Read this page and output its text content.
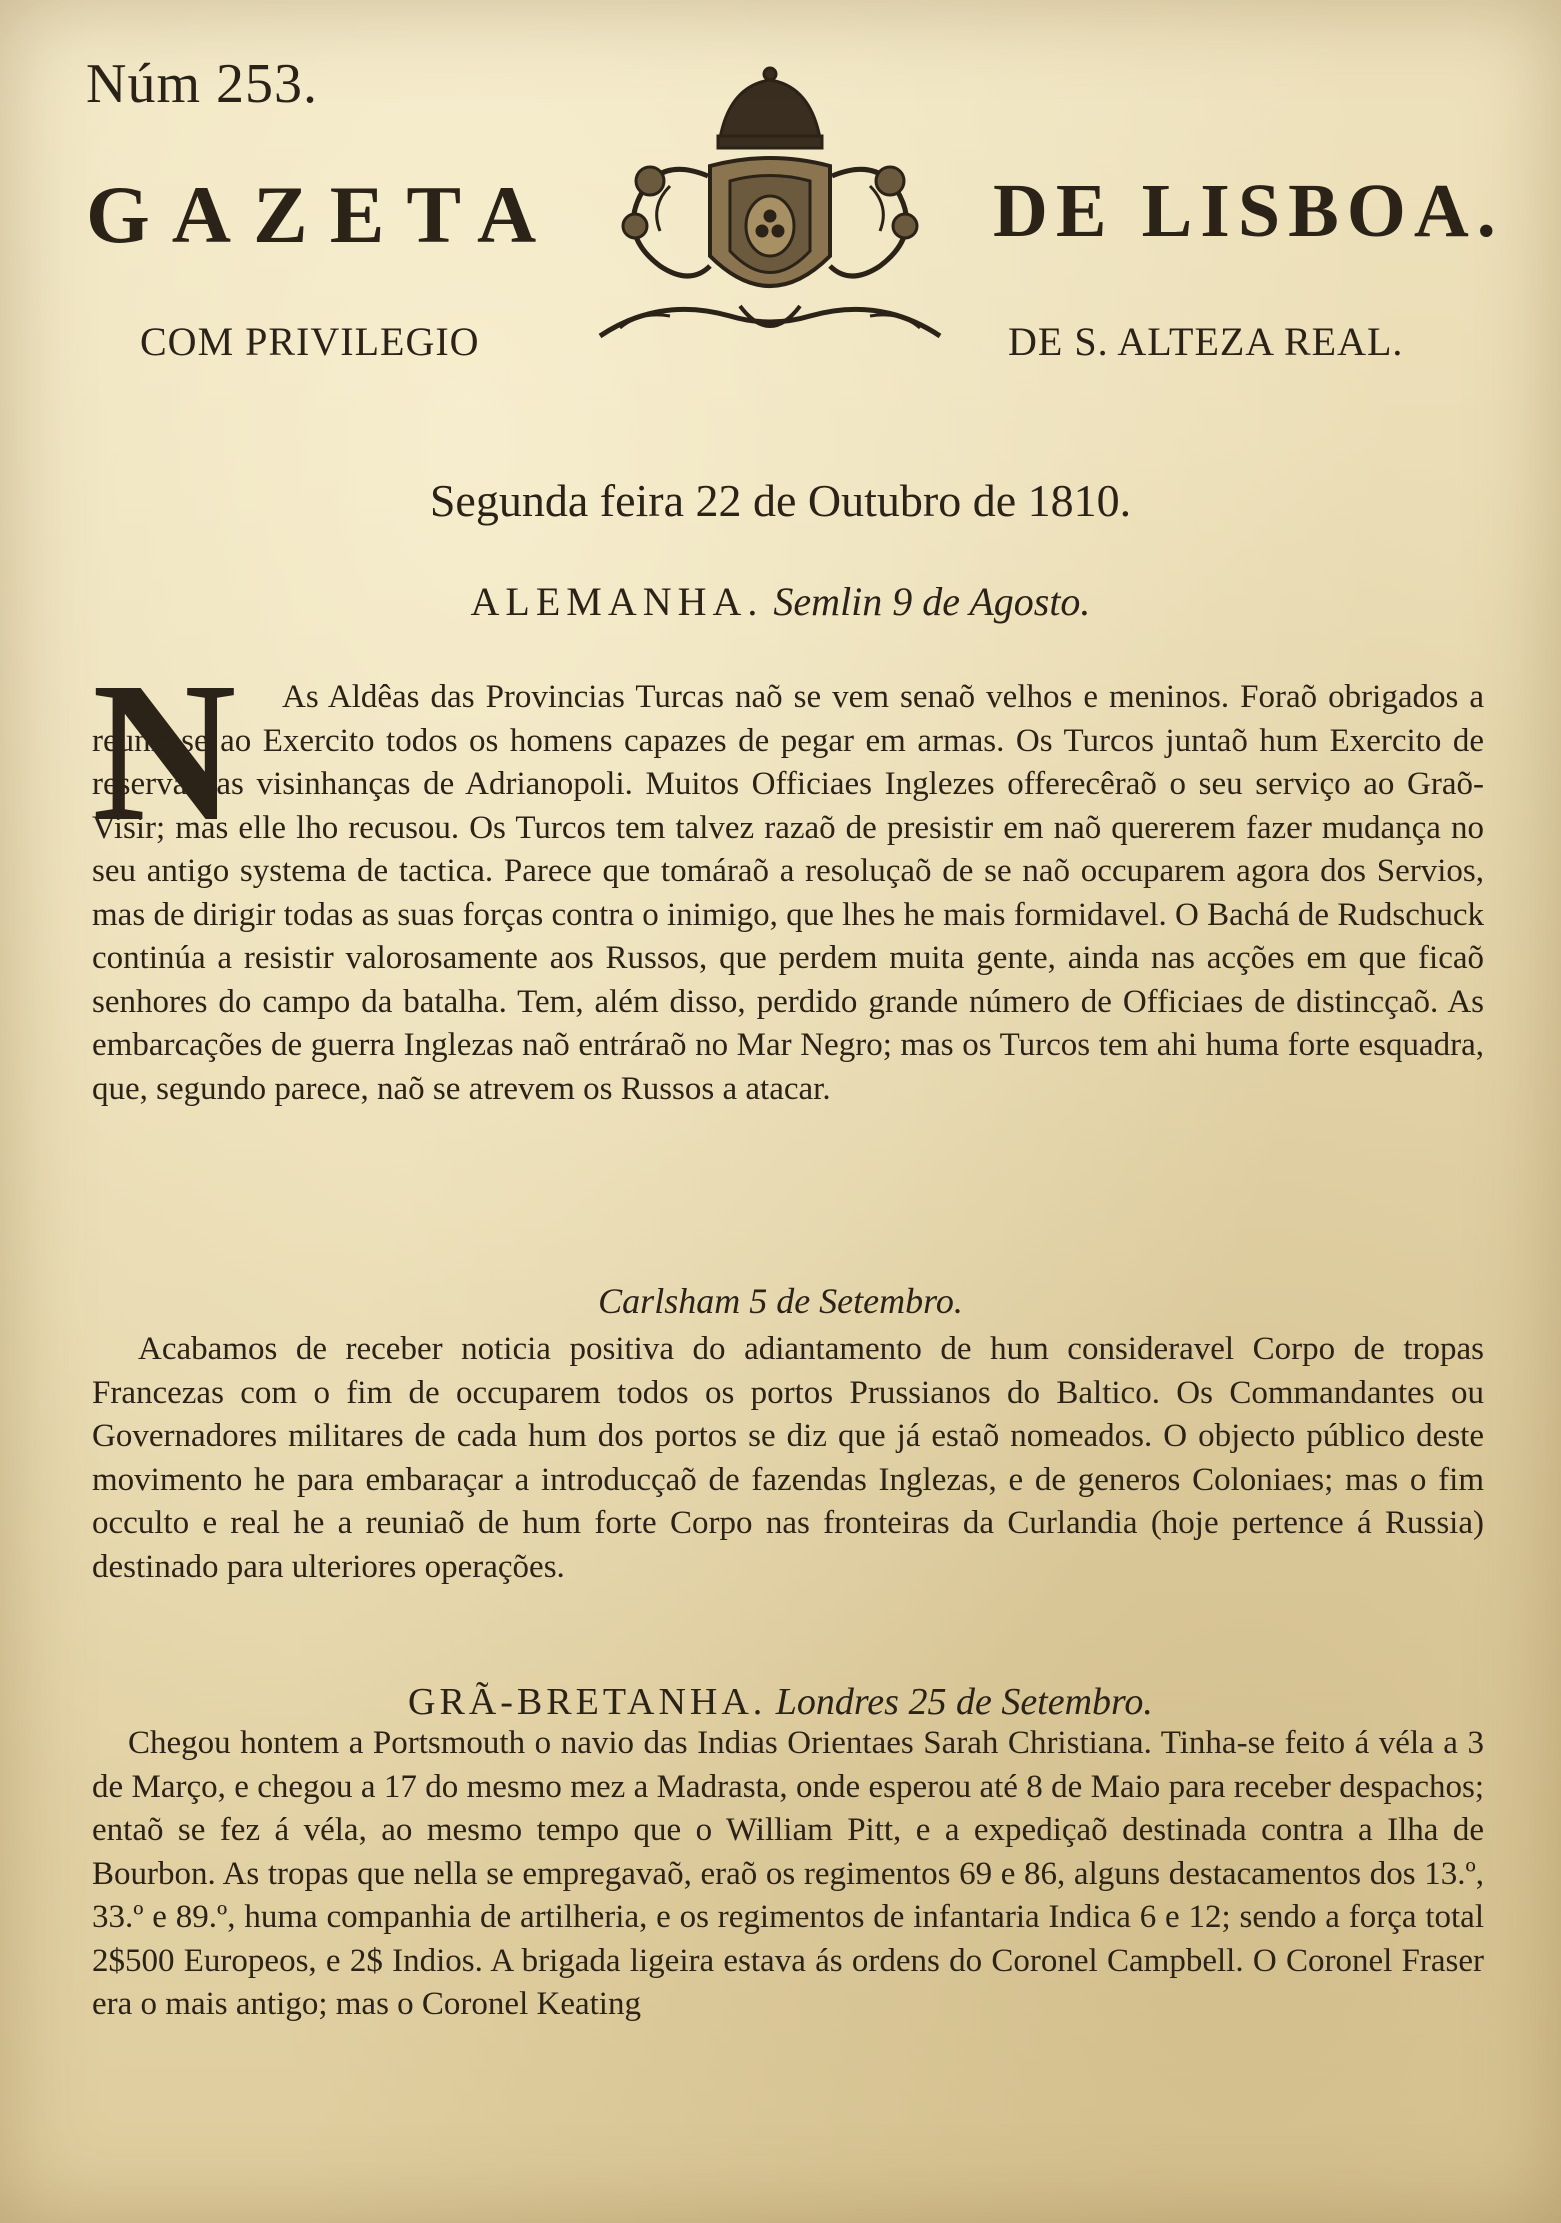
Núm 253.
GAZETA	DE LISBOA.
COM PRIVILEGIO	DE S. ALTEZA REAL.
Segunda feira 22 de Outubro de 1810.
ALEMANHA. Semlin 9 de Agosto.
N	As Aldêas das Provincias Turcas naõ se vem senaõ velhos e meninos. Foraõ obrigados a reunir-se ao Exercito todos os homens capazes de pegar em armas. Os Turcos juntaõ hum Exercito de reserva nas visinhanças de Adrianopoli. Muitos Officiaes Inglezes offerecêraõ o seu serviço ao Graõ-Visir; mas elle lho recusou. Os Turcos tem talvez razaõ de presistir em naõ quererem fazer mudança no seu antigo systema de tactica. Parece que tomáraõ a resoluçaõ de se naõ occuparem agora dos Servios, mas de dirigir todas as suas forças contra o inimigo, que lhes he mais formidavel. O Bachá de Rudschuck continúa a resistir valorosamente aos Russos, que perdem muita gente, ainda nas acções em que ficaõ senhores do campo da batalha. Tem, além disso, perdido grande número de Officiaes de distincçaõ. As embarcações de guerra Inglezas naõ entráraõ no Mar Negro; mas os Turcos tem ahi huma forte esquadra, que, segundo parece, naõ se atrevem os Russos a atacar.
Carlsham 5 de Setembro.
Acabamos de receber noticia positiva do adiantamento de hum consideravel Corpo de tropas Francezas com o fim de occuparem todos os portos Prussianos do Baltico. Os Commandantes ou Governadores militares de cada hum dos portos se diz que já estaõ nomeados. O objecto público deste movimento he para embaraçar a introducçaõ de fazendas Inglezas, e de generos Coloniaes; mas o fim occulto e real he a reuniaõ de hum forte Corpo nas fronteiras da Curlandia (hoje pertence á Russia) destinado para ulteriores operações.
GRÃ-BRETANHA. Londres 25 de Setembro.
Chegou hontem a Portsmouth o navio das Indias Orientaes Sarah Christiana. Tinha-se feito á véla a 3 de Março, e chegou a 17 do mesmo mez a Madrasta, onde esperou até 8 de Maio para receber despachos; entaõ se fez á véla, ao mesmo tempo que o William Pitt, e a expediçaõ destinada contra a Ilha de Bourbon. As tropas que nella se empregavaõ, eraõ os regimentos 69 e 86, alguns destacamentos dos 13.º, 33.º e 89.º, huma companhia de artilheria, e os regimentos de infantaria Indica 6 e 12; sendo a força total 2$500 Europeos, e 2$ Indios. A brigada ligeira estava ás ordens do Coronel Campbell. O Coronel Fraser era o mais antigo; mas o Coronel Keating
